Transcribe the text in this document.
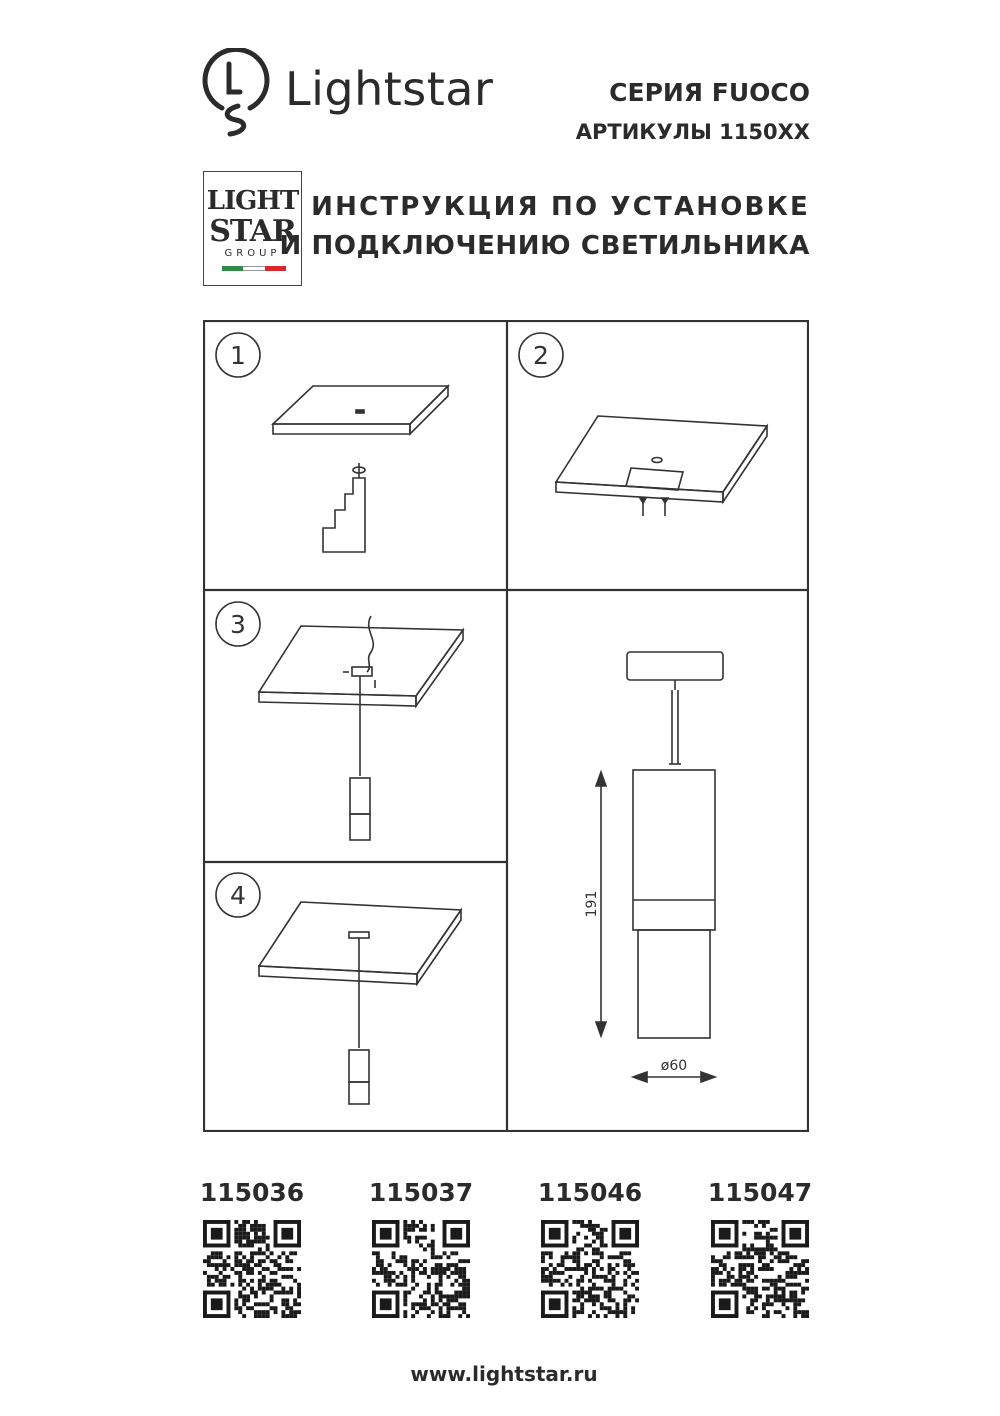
Lightstar	СЕРИЯ FUOCO
АРТИКУЛЫ 1150XX
LIGHT
STAR
GROUP
ИНСТРУКЦИЯ ПО УСТАНОВКЕ
И ПОДКЛЮЧЕНИЮ СВЕТИЛЬНИКА
1	2
3
4	191
ø60
115036	115037	115046	115047
www.lightstar.ru
